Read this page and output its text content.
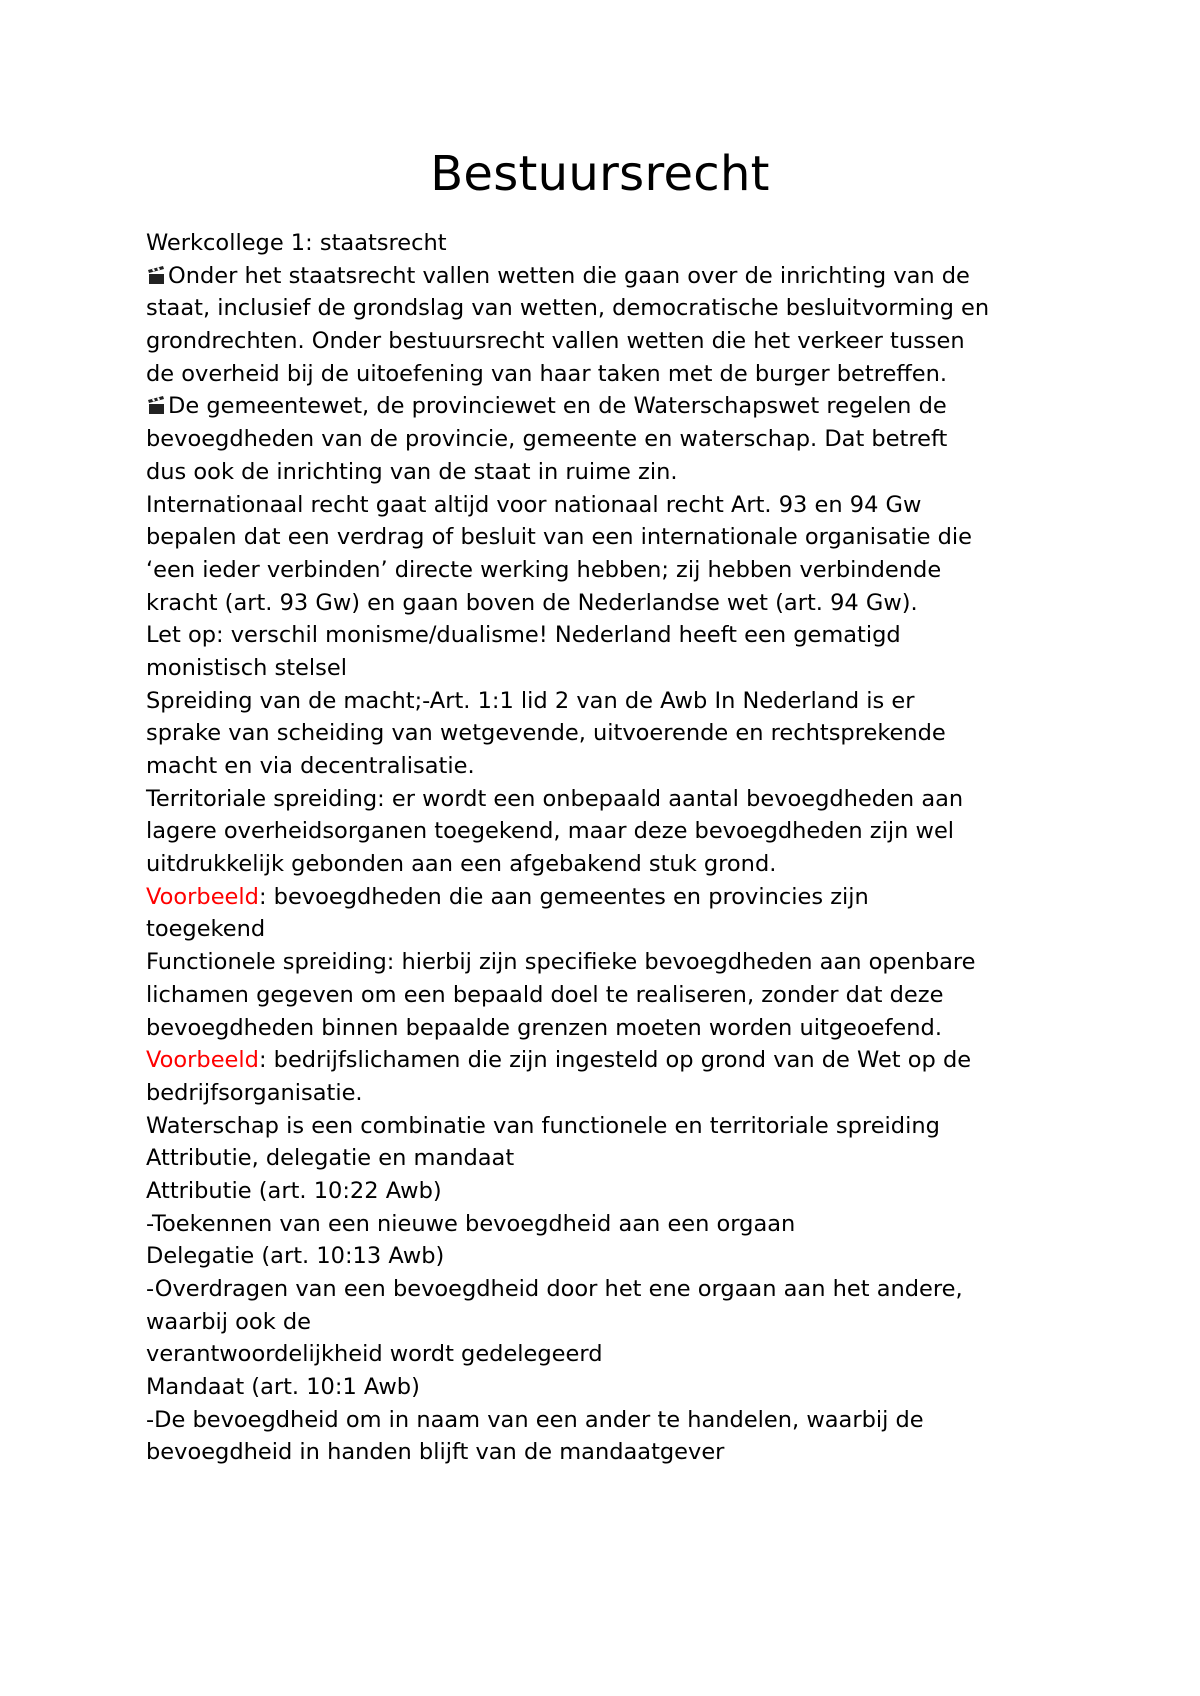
Bestuursrecht
Werkcollege 1: staatsrecht
Onder het staatsrecht vallen wetten die gaan over de inrichting van de
staat, inclusief de grondslag van wetten, democratische besluitvorming en
grondrechten. Onder bestuursrecht vallen wetten die het verkeer tussen
de overheid bij de uitoefening van haar taken met de burger betreffen.
De gemeentewet, de provinciewet en de Waterschapswet regelen de
bevoegdheden van de provincie, gemeente en waterschap. Dat betreft
dus ook de inrichting van de staat in ruime zin.
Internationaal recht gaat altijd voor nationaal recht Art. 93 en 94 Gw
bepalen dat een verdrag of besluit van een internationale organisatie die
‘een ieder verbinden’ directe werking hebben; zij hebben verbindende
kracht (art. 93 Gw) en gaan boven de Nederlandse wet (art. 94 Gw).
Let op: verschil monisme/dualisme! Nederland heeft een gematigd
monistisch stelsel
Spreiding van de macht;-Art. 1:1 lid 2 van de Awb In Nederland is er
sprake van scheiding van wetgevende, uitvoerende en rechtsprekende
macht en via decentralisatie.
Territoriale spreiding: er wordt een onbepaald aantal bevoegdheden aan
lagere overheidsorganen toegekend, maar deze bevoegdheden zijn wel
uitdrukkelijk gebonden aan een afgebakend stuk grond.
Voorbeeld: bevoegdheden die aan gemeentes en provincies zijn
toegekend
Functionele spreiding: hierbij zijn specifieke bevoegdheden aan openbare
lichamen gegeven om een bepaald doel te realiseren, zonder dat deze
bevoegdheden binnen bepaalde grenzen moeten worden uitgeoefend.
Voorbeeld: bedrijfslichamen die zijn ingesteld op grond van de Wet op de
bedrijfsorganisatie.
Waterschap is een combinatie van functionele en territoriale spreiding
Attributie, delegatie en mandaat
Attributie (art. 10:22 Awb)
-Toekennen van een nieuwe bevoegdheid aan een orgaan
Delegatie (art. 10:13 Awb)
-Overdragen van een bevoegdheid door het ene orgaan aan het andere,
waarbij ook de
verantwoordelijkheid wordt gedelegeerd
Mandaat (art. 10:1 Awb)
-De bevoegdheid om in naam van een ander te handelen, waarbij de
bevoegdheid in handen blijft van de mandaatgever
